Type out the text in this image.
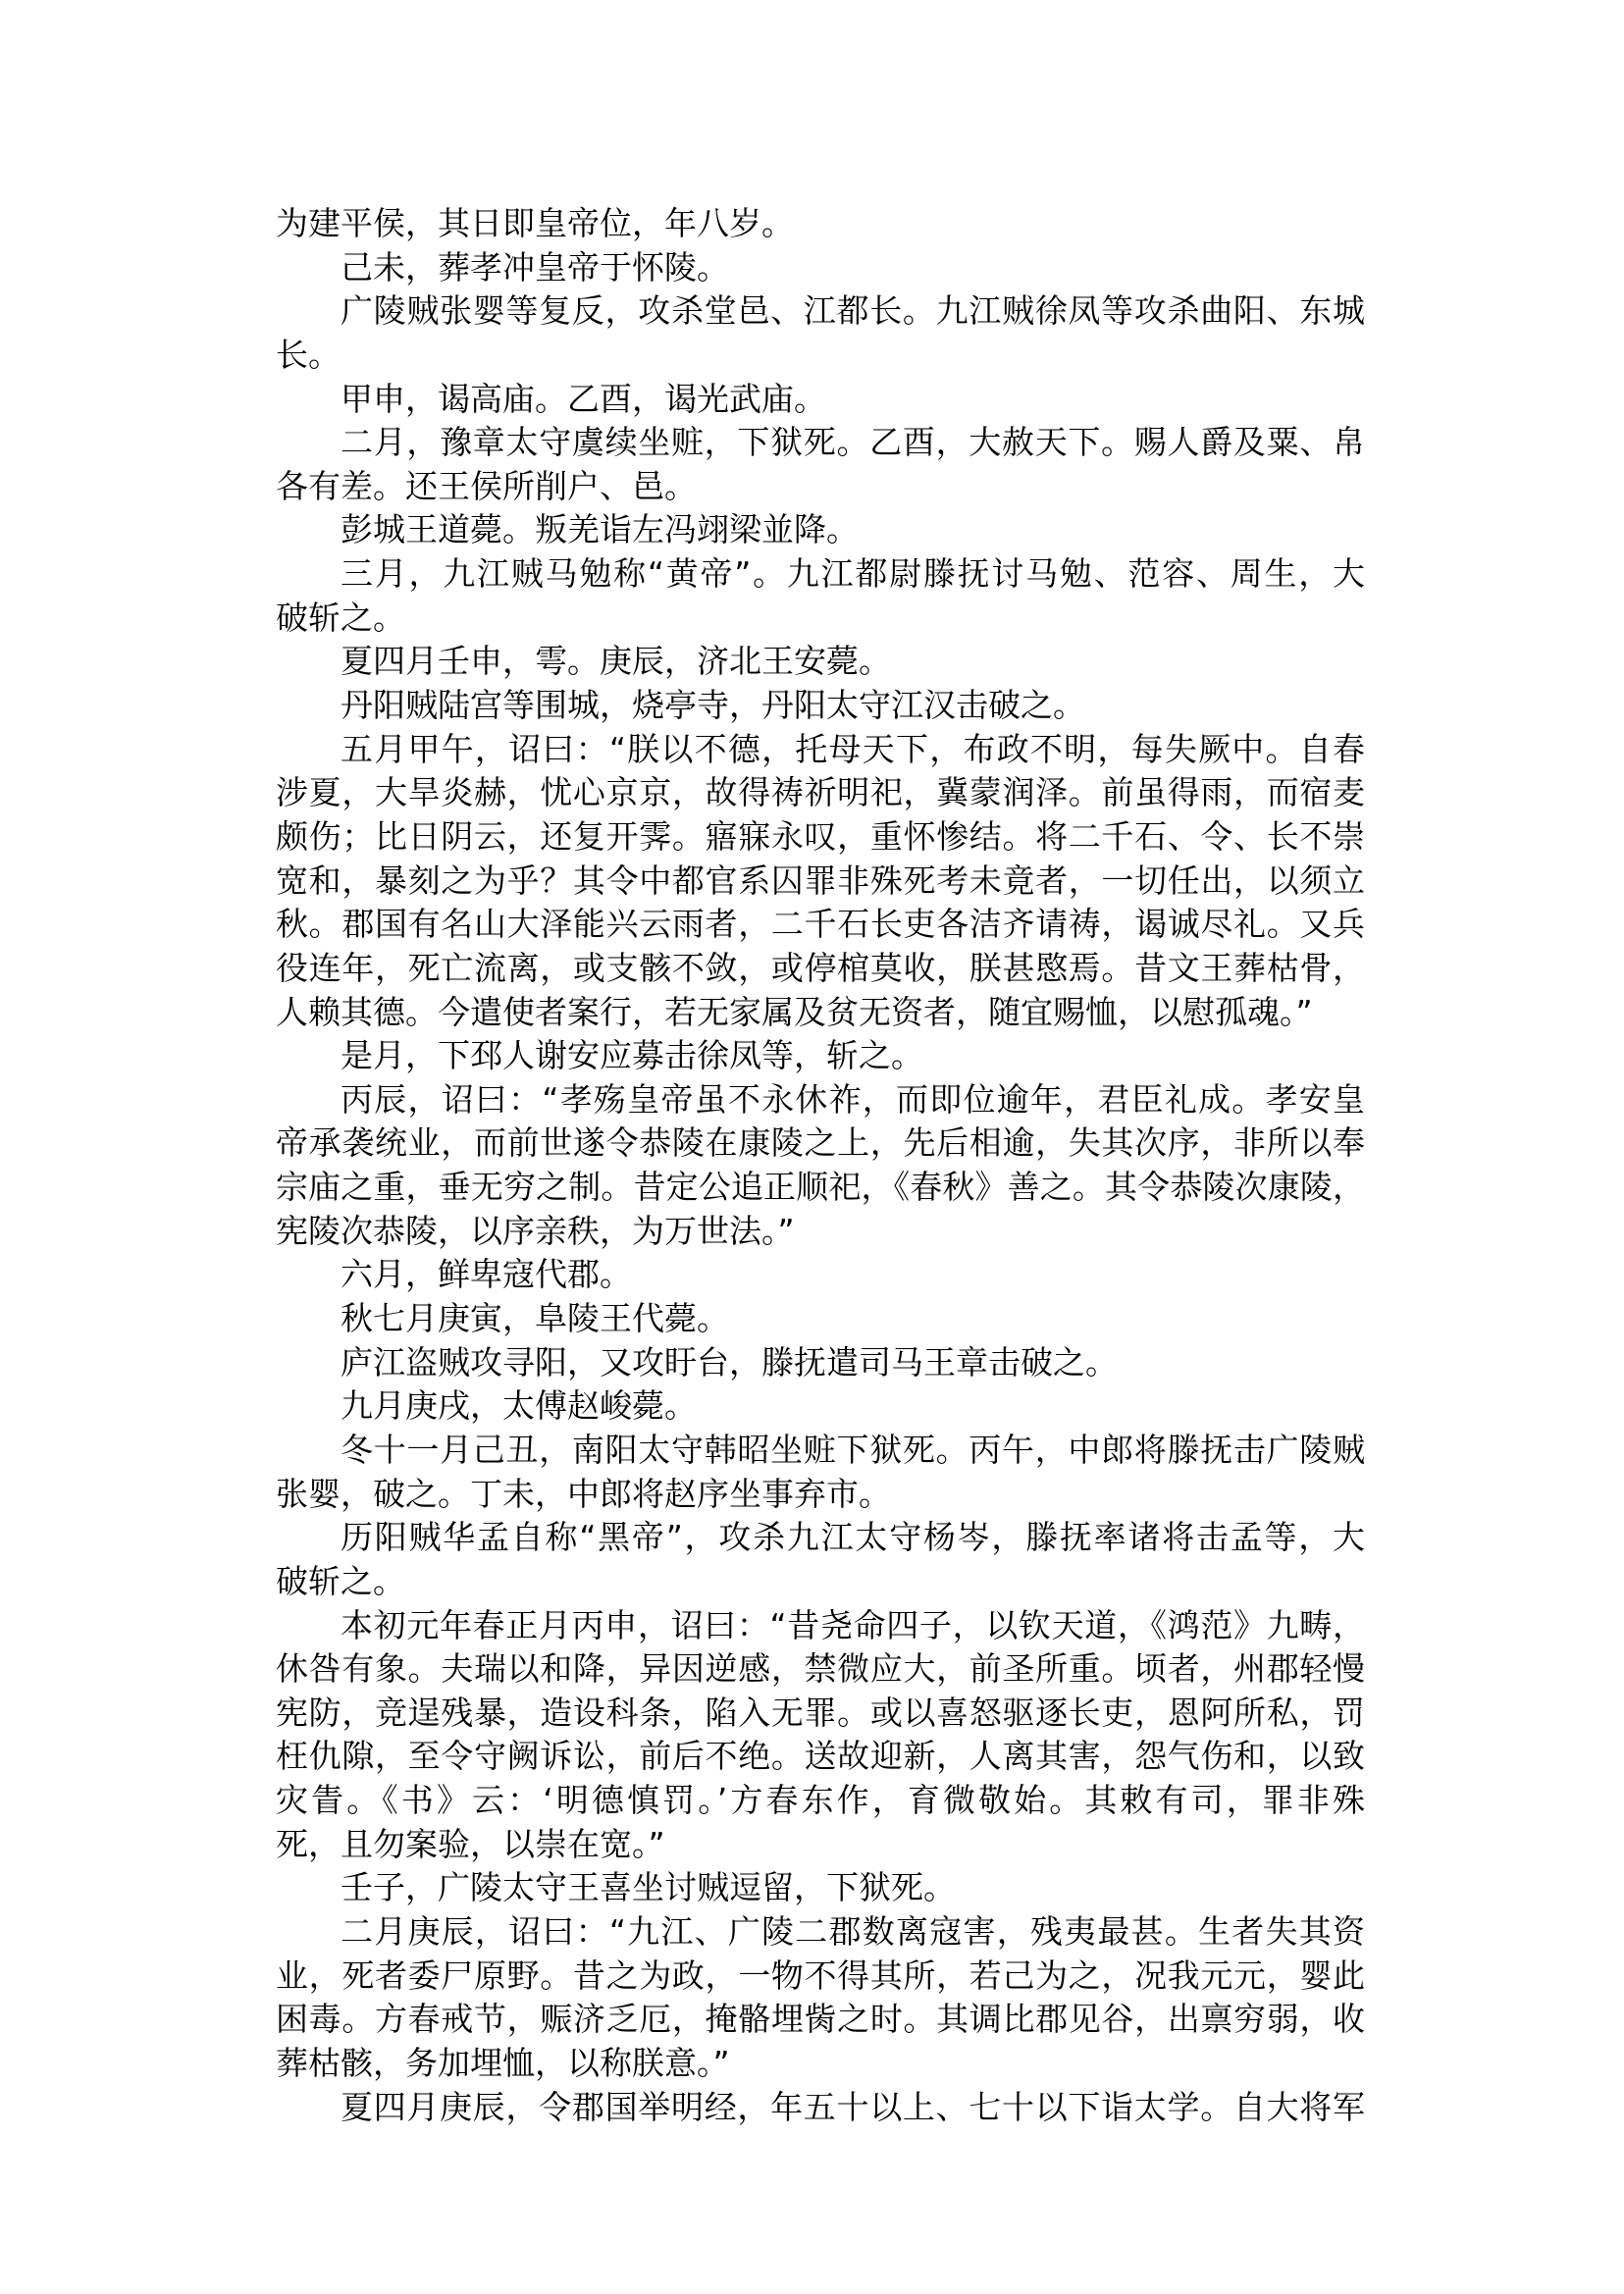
为建平侯，其日即皇帝位，年八岁。
己未，葬孝冲皇帝于怀陵。
广陵贼张婴等复反，攻杀堂邑、江都长。九江贼徐凤等攻杀曲阳、东城
长。
甲申，谒高庙。乙酉，谒光武庙。
二月，豫章太守虞续坐赃，下狱死。乙酉，大赦天下。赐人爵及粟、帛
各有差。还王侯所削户、邑。
彭城王道薨。叛羌诣左冯翊梁並降。
三月，九江贼马勉称“黄帝”。九江都尉滕抚讨马勉、范容、周生，大
破斩之。
夏四月壬申，雩。庚辰，济北王安薨。
丹阳贼陆宫等围城，烧亭寺，丹阳太守江汉击破之。
五月甲午，诏曰：“朕以不德，托母天下，布政不明，每失厥中。自春
涉夏，大旱炎赫，忧心京京，故得祷祈明祀，冀蒙润泽。前虽得雨，而宿麦
颇伤；比日阴云，还复开霁。寤寐永叹，重怀惨结。将二千石、令、长不崇
宽和，暴刻之为乎？其令中都官系囚罪非殊死考未竟者，一切任出，以须立
秋。郡国有名山大泽能兴云雨者，二千石长吏各洁齐请祷，谒诚尽礼。又兵
役连年，死亡流离，或支骸不敛，或停棺莫收，朕甚愍焉。昔文王葬枯骨，
人赖其德。今遣使者案行，若无家属及贫无资者，随宜赐恤，以慰孤魂。”
是月，下邳人谢安应募击徐凤等，斩之。
丙辰，诏曰：“孝殇皇帝虽不永休祚，而即位逾年，君臣礼成。孝安皇
帝承袭统业，而前世遂令恭陵在康陵之上，先后相逾，失其次序，非所以奉
宗庙之重，垂无穷之制。昔定公追正顺祀，《春秋》善之。其令恭陵次康陵，
宪陵次恭陵，以序亲秩，为万世法。”
六月，鲜卑寇代郡。
秋七月庚寅，阜陵王代薨。
庐江盗贼攻寻阳，又攻盱台，滕抚遣司马王章击破之。
九月庚戌，太傅赵峻薨。
冬十一月己丑，南阳太守韩昭坐赃下狱死。丙午，中郎将滕抚击广陵贼
张婴，破之。丁未，中郎将赵序坐事弃市。
历阳贼华孟自称“黑帝”，攻杀九江太守杨岑，滕抚率诸将击孟等，大
破斩之。
本初元年春正月丙申，诏曰：“昔尧命四子，以钦天道，《鸿范》九畴，
休咎有象。夫瑞以和降，异因逆感，禁微应大，前圣所重。顷者，州郡轻慢
宪防，竞逞残暴，造设科条，陷入无罪。或以喜怒驱逐长吏，恩阿所私，罚
枉仇隙，至令守阙诉讼，前后不绝。送故迎新，人离其害，怨气伤和，以致
灾眚。《书》云：‘明德慎罚。’方春东作，育微敬始。其敕有司，罪非殊
死，且勿案验，以崇在宽。”
壬子，广陵太守王喜坐讨贼逗留，下狱死。
二月庚辰，诏曰：“九江、广陵二郡数离寇害，残夷最甚。生者失其资
业，死者委尸原野。昔之为政，一物不得其所，若己为之，况我元元，婴此
困毒。方春戒节，赈济乏厄，掩骼埋胔之时。其调比郡见谷，出禀穷弱，收
葬枯骸，务加埋恤，以称朕意。”
夏四月庚辰，令郡国举明经，年五十以上、七十以下诣太学。自大将军
